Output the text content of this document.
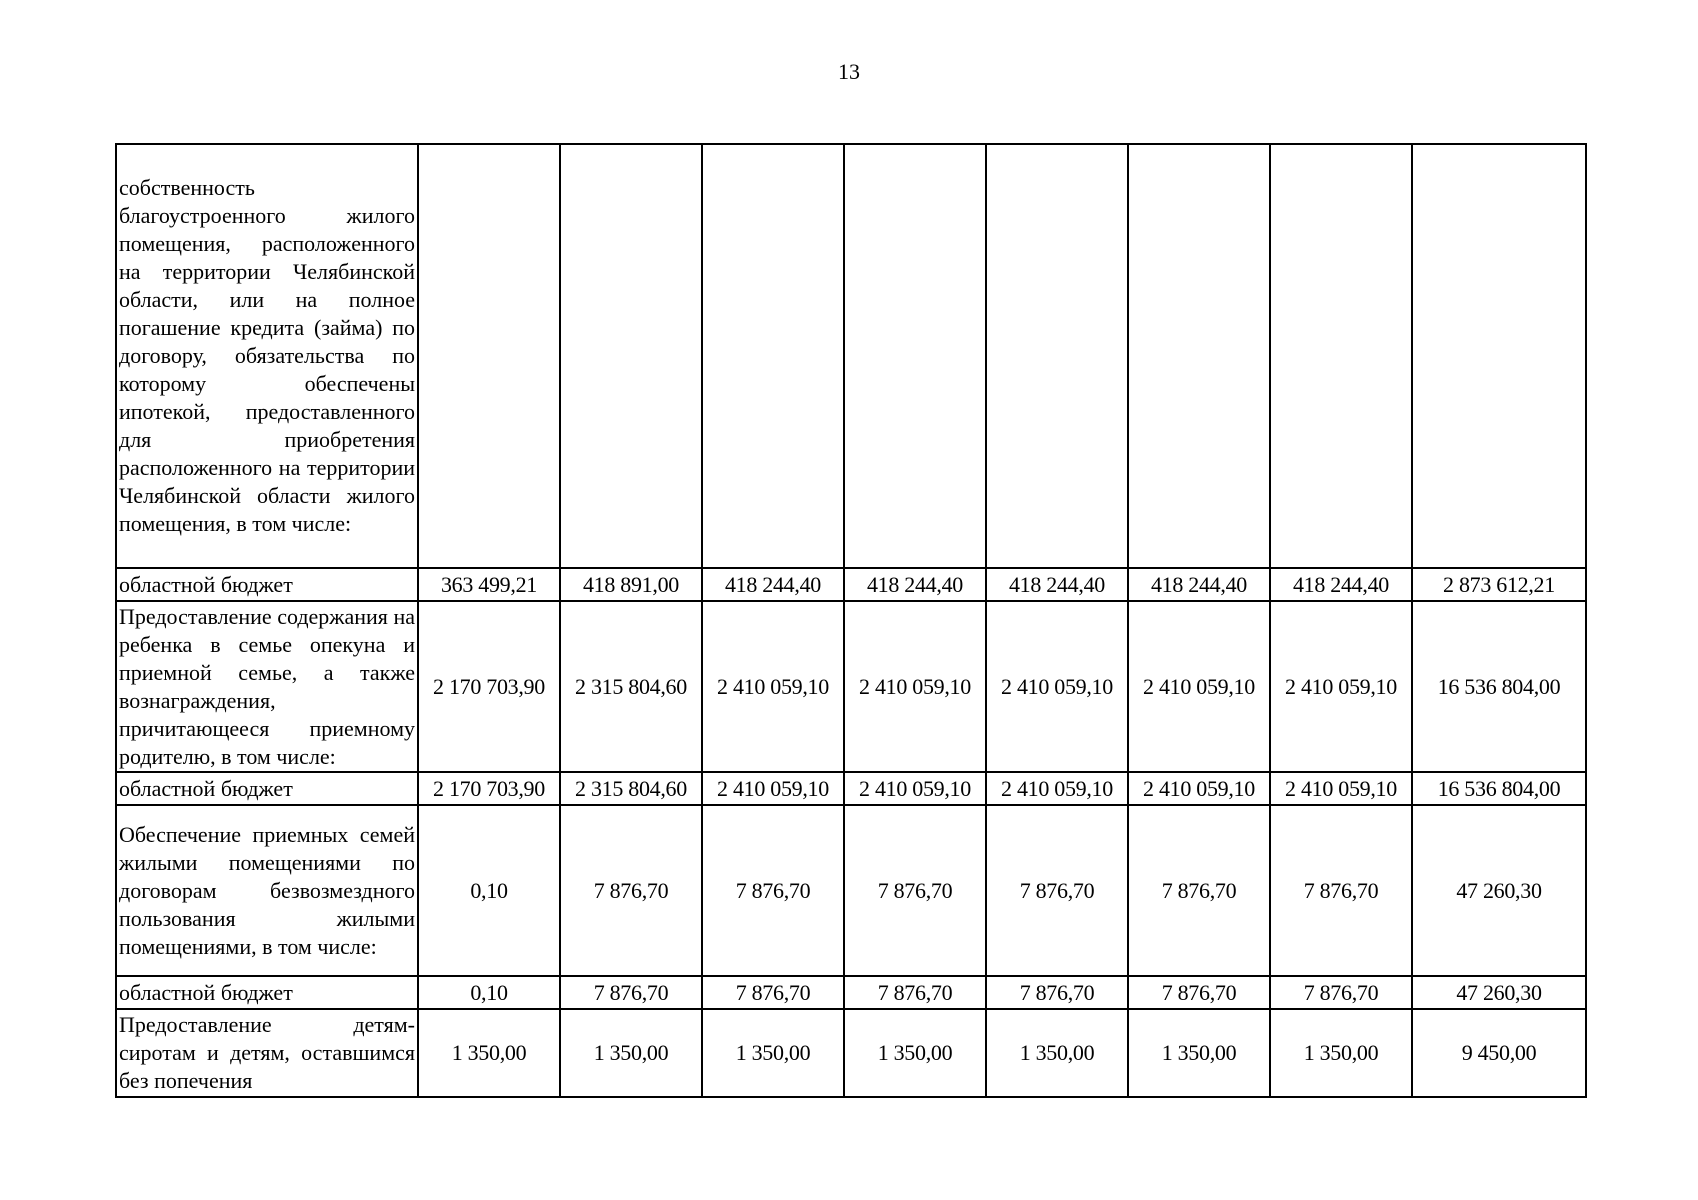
13
собственность благоустроенного жилого помещения, расположенного на территории Челябинской области, или на полное погашение кредита (займа) по договору, обязательства по которому обеспечены ипотекой, предоставленного для приобретения расположенного на территории Челябинской области жилого помещения, в том числе:								
областной бюджет	363 499,21	418 891,00	418 244,40	418 244,40	418 244,40	418 244,40	418 244,40	2 873 612,21
Предоставление содержания на ребенка в семье опекуна и приемной семье, а также вознаграждения, причитающееся приемному родителю, в том числе:	2 170 703,90	2 315 804,60	2 410 059,10	2 410 059,10	2 410 059,10	2 410 059,10	2 410 059,10	16 536 804,00
областной бюджет	2 170 703,90	2 315 804,60	2 410 059,10	2 410 059,10	2 410 059,10	2 410 059,10	2 410 059,10	16 536 804,00
Обеспечение приемных семей жилыми помещениями по договорам безвозмездного пользования жилыми помещениями, в том числе:	0,10	7 876,70	7 876,70	7 876,70	7 876,70	7 876,70	7 876,70	47 260,30
областной бюджет	0,10	7 876,70	7 876,70	7 876,70	7 876,70	7 876,70	7 876,70	47 260,30
Предоставление детям-сиротам и детям, оставшимся без попечения	1 350,00	1 350,00	1 350,00	1 350,00	1 350,00	1 350,00	1 350,00	9 450,00
